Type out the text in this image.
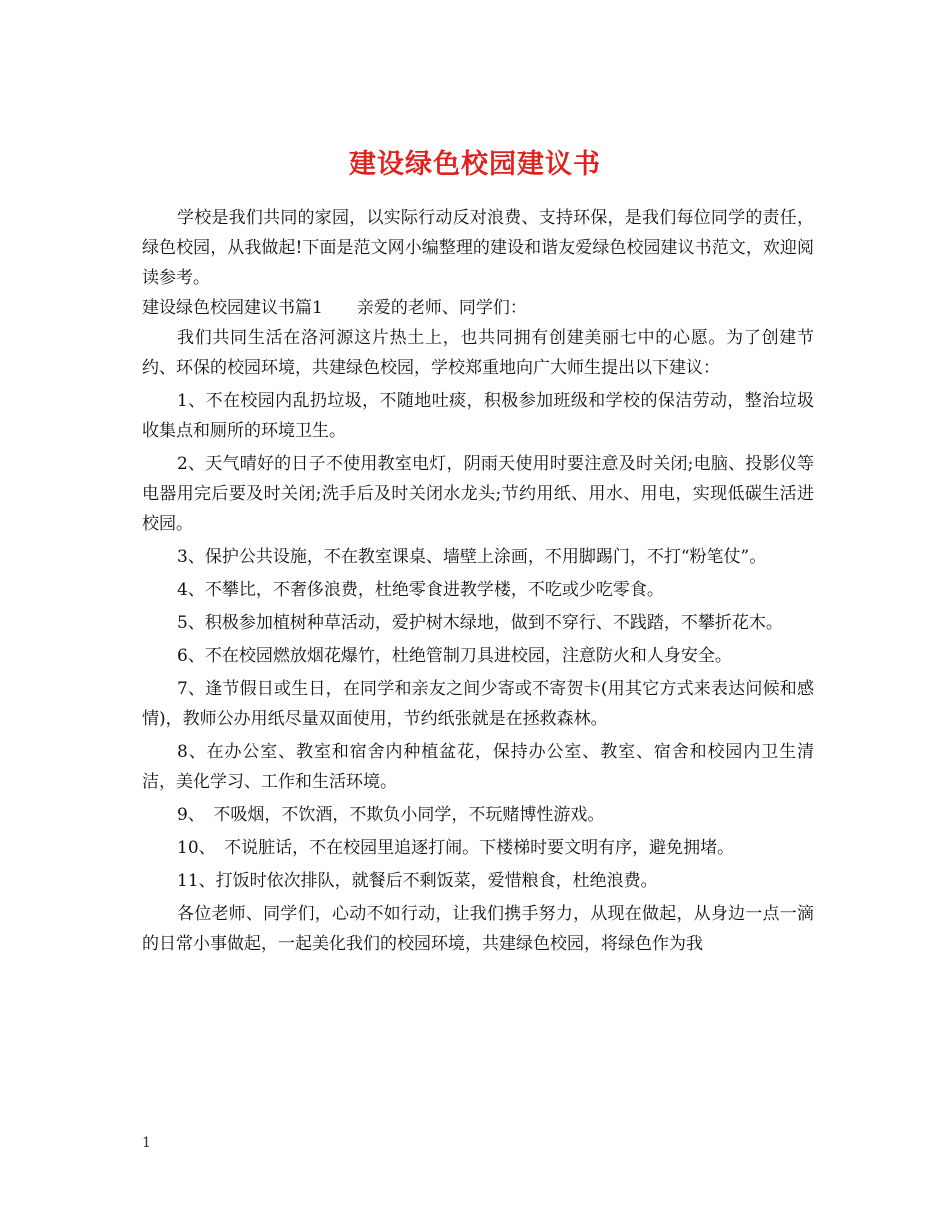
建设绿色校园建议书

学校是我们共同的家园，以实际行动反对浪费、支持环保，是我们每位同学的责任，绿色校园，从我做起!下面是范文网小编整理的建设和谐友爱绿色校园建议书范文，欢迎阅读参考。

建设绿色校园建议书篇1　　亲爱的老师、同学们：

我们共同生活在洛河源这片热土上，也共同拥有创建美丽七中的心愿。为了创建节约、环保的校园环境，共建绿色校园，学校郑重地向广大师生提出以下建议：

1、不在校园内乱扔垃圾，不随地吐痰，积极参加班级和学校的保洁劳动，整治垃圾收集点和厕所的环境卫生。

2、天气晴好的日子不使用教室电灯，阴雨天使用时要注意及时关闭;电脑、投影仪等电器用完后要及时关闭;洗手后及时关闭水龙头;节约用纸、用水、用电，实现低碳生活进校园。

3、保护公共设施，不在教室课桌、墙壁上涂画，不用脚踢门，不打“粉笔仗”。

4、不攀比，不奢侈浪费，杜绝零食进教学楼，不吃或少吃零食。

5、积极参加植树种草活动，爱护树木绿地，做到不穿行、不践踏，不攀折花木。

6、不在校园燃放烟花爆竹，杜绝管制刀具进校园，注意防火和人身安全。

7、逢节假日或生日，在同学和亲友之间少寄或不寄贺卡(用其它方式来表达问候和感情)，教师公办用纸尽量双面使用，节约纸张就是在拯救森林。

8、在办公室、教室和宿舍内种植盆花，保持办公室、教室、宿舍和校园内卫生清洁，美化学习、工作和生活环境。

9、　不吸烟，不饮酒，不欺负小同学，不玩赌博性游戏。

10、　不说脏话，不在校园里追逐打闹。下楼梯时要文明有序，避免拥堵。

11、打饭时依次排队，就餐后不剩饭菜，爱惜粮食，杜绝浪费。

各位老师、同学们，心动不如行动，让我们携手努力，从现在做起，从身边一点一滴的日常小事做起，一起美化我们的校园环境，共建绿色校园，将绿色作为我

1
